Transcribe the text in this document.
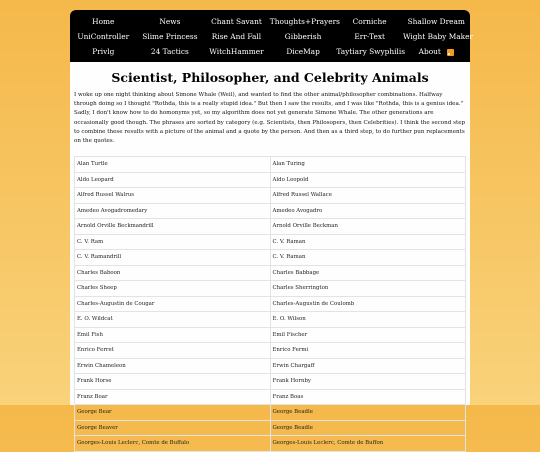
Home	News	Chant Savant	Thoughts+Prayers	Corniche	Shallow Dream
UniController	Slime Princess	Rise And Fall	Gibberish	Err-Text	Wight Baby Maker
Privlg	24 Tactics	WitchHammer	DiceMap	Taytiary Swyphilis	About
Scientist, Philosopher, and Celebrity Animals

I woke up one night thinking about Simone Whale (Weil), and wanted to find the other animal/philosopher combinations. Halfway through doing so I thought "Rothda, this is a really stupid idea." But then I saw the results, and I was like "Rothda, this is a genius idea." Sadly, I don't know how to do homonyms yet, so my algorithm does not yet generate Simone Whale. The other generations are occasionally good though. The phrases are sorted by category (e.g. Scientists, then Philosopers, then Celebrities). I think the second step to combine these results with a picture of the animal and a quote by the person. And then as a third step, to do further pun replacements on the quotes.

Alan Turtle	Alan Turing
Aldo Leopard	Aldo Leopold
Alfred Russel Walrus	Alfred Russel Wallace
Amedeo Avogadromedary	Amedeo Avogadro
Arnold Orville Beckmandrill	Arnold Orville Beckman
C. V. Ram	C. V. Raman
C. V. Ramandrill	C. V. Raman
Charles Baboon	Charles Babbage
Charles Sheep	Charles Sherrington
Charles-Augustin de Cougar	Charles-Augustin de Coulomb
E. O. Wildcat	E. O. Wilson
Emil Fish	Emil Fischer
Enrico Ferret	Enrico Fermi
Erwin Chameleon	Erwin Chargaff
Frank Horse	Frank Hornby
Franz Boar	Franz Boas
George Bear	George Beadle
George Beaver	George Beadle
Georges-Louis Leclerc, Comte de Buffalo	Georges-Louis Leclerc, Comte de Buffon
